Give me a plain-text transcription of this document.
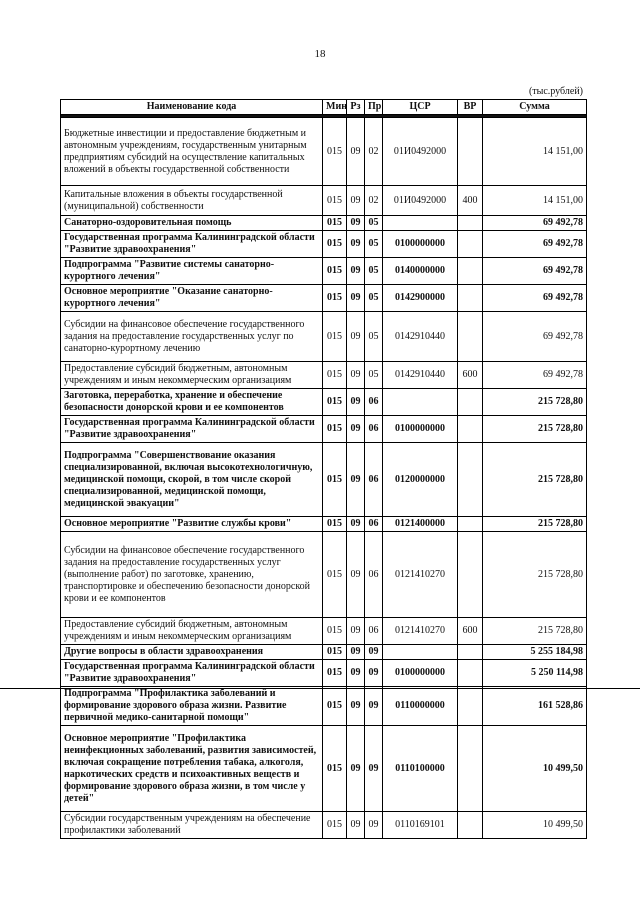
18
(тыс.рублей)
Наименование кода	Мин	Рз	Пр	ЦСР	ВР	Сумма

Бюджетные инвестиции и предоставление бюджетным и автономным учреждениям, государственным унитарным предприятиям субсидий на осуществление капитальных вложений в объекты государственной собственности	015	09	02	01И0492000		14 151,00
Капитальные вложения в объекты государственной (муниципальной) собственности	015	09	02	01И0492000	400	14 151,00
Санаторно-оздоровительная помощь	015	09	05			69 492,78
Государственная программа Калининградской области "Развитие здравоохранения"	015	09	05	0100000000		69 492,78
Подпрограмма "Развитие системы санаторно-курортного лечения"	015	09	05	0140000000		69 492,78
Основное мероприятие "Оказание санаторно-курортного лечения"	015	09	05	0142900000		69 492,78
Субсидии на финансовое обеспечение государственного задания на предоставление государственных услуг по санаторно-курортному лечению	015	09	05	0142910440		69 492,78
Предоставление субсидий бюджетным, автономным учреждениям и иным некоммерческим организациям	015	09	05	0142910440	600	69 492,78
Заготовка, переработка, хранение и обеспечение безопасности донорской крови и ее компонентов	015	09	06			215 728,80
Государственная программа Калининградской области "Развитие здравоохранения"	015	09	06	0100000000		215 728,80
Подпрограмма "Совершенствование оказания специализированной, включая высокотехнологичную, медицинской помощи, скорой, в том числе скорой специализированной, медицинской помощи, медицинской эвакуации"	015	09	06	0120000000		215 728,80
Основное мероприятие "Развитие службы крови"	015	09	06	0121400000		215 728,80
Субсидии на финансовое обеспечение государственного задания на предоставление государственных услуг (выполнение работ) по заготовке, хранению, транспортировке и обеспечению безопасности донорской крови и ее компонентов	015	09	06	0121410270		215 728,80
Предоставление субсидий бюджетным, автономным учреждениям и иным некоммерческим организациям	015	09	06	0121410270	600	215 728,80
Другие вопросы в области здравоохранения	015	09	09			5 255 184,98
Государственная программа Калининградской области "Развитие здравоохранения"	015	09	09	0100000000		5 250 114,98
Подпрограмма "Профилактика заболеваний и формирование здорового образа жизни. Развитие первичной медико-санитарной помощи"	015	09	09	0110000000		161 528,86
Основное мероприятие "Профилактика неинфекционных заболеваний, развития зависимостей, включая сокращение потребления табака, алкоголя, наркотических средств и психоактивных веществ и формирование здорового образа жизни, в том числе у детей"	015	09	09	0110100000		10 499,50
Субсидии государственным учреждениям на обеспечение профилактики заболеваний	015	09	09	0110169101		10 499,50
